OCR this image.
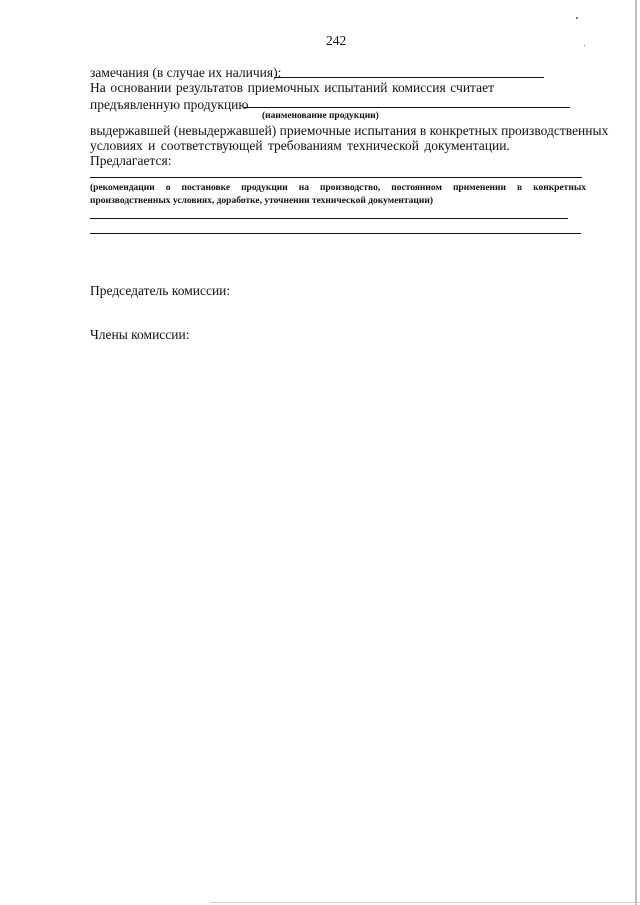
242
замечания (в случае их наличия):
На основании результатов приемочных испытаний комиссия считает
предъявленную продукцию
(наименование продукции)
выдержавшей (невыдержавшей) приемочные испытания в конкретных производственных
условиях и соответствующей требованиям технической документации.
Предлагается:
(рекомендации о постановке продукции на производство, постоянном применении в конкретных
производственных условиях, доработке, уточнении технической документации)
Председатель комиссии:
Члены комиссии:
